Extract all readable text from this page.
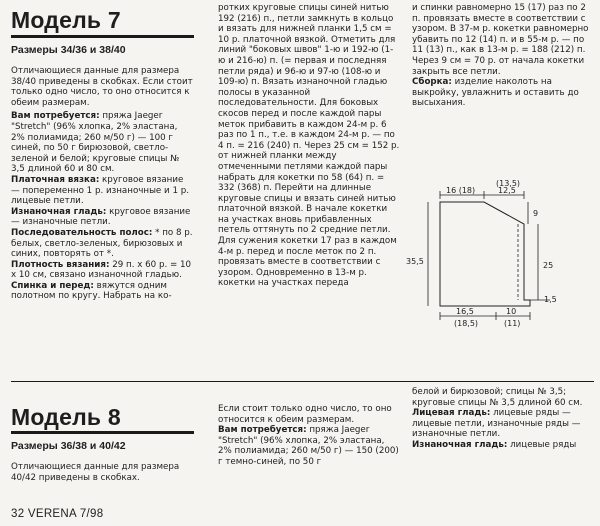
Модель 7
Размеры 34/36 и 38/40

Отличающиеся данные для размера 38/40 приведены в скобках. Если стоит только одно число, то оно относится к обеим размерам.

Вам потребуется: пряжа Jaeger "Stretch" (96% хлопка, 2% эластана, 2% полиамида; 260 м/50 г) — 100 г синей, по 50 г бирюзовой, светло-зеленой и белой; круговые спицы № 3,5 длиной 60 и 80 см.

Платочная вязка: круговое вязание — попеременно 1 р. изнаночные и 1 р. лицевые петли.

Изнаночная гладь: круговое вязание — изнаночные петли.

Последовательность полос: * по 8 р. белых, светло-зеленых, бирюзовых и синих, повторять от *.

Плотность вязания: 29 п. х 60 р. = 10 х 10 см, связано изнаночной гладью.

Спинка и перед: вяжутся одним полотном по кругу. Набрать на ко-

ротких круговые спицы синей нитью 192 (216) п., петли замкнуть в кольцо и вязать для нижней планки 1,5 см = 10 р. платочной вязкой. Отметить для линий "боковых швов" 1-ю и 192-ю (1-ю и 216-ю) п. (= первая и последняя петли ряда) и 96-ю и 97-ю (108-ю и 109-ю) п. Вязать изнаночной гладью полосы в указанной последовательности. Для боковых скосов перед и после каждой пары меток прибавить в каждом 24-м р. 6 раз по 1 п., т.е. в каждом 24-м р. — по 4 п. = 216 (240) п. Через 25 см = 152 р. от нижней планки между отмеченными петлями каждой пары набрать для кокетки по 58 (64) п. = 332 (368) п. Перейти на длинные круговые спицы и вязать синей нитью платочной вязкой. В начале кокетки на участках вновь прибавленных петель оттянуть по 2 средние петли. Для сужения кокетки 17 раз в каждом 4-м р. перед и после меток по 2 п. провязать вместе в соответствии с узором. Одновременно в 13-м р. кокетки на участках переда

и спинки равномерно 15 (17) раз по 2 п. провязать вместе в соответствии с узором. В 37-м р. кокетки равномерно убавить по 12 (14) п. и в 55-м р. — по 11 (13) п., как в 13-м р. = 188 (212) п. Через 9 см = 70 р. от начала кокетки закрыть все петли.

Сборка: изделие наколоть на выкройку, увлажнить и оставить до высыхания.

16 (18)
(13,5)
12,5
9
25
1,5
35,5
16,5
(18,5)
10
(11)
Модель 8
Размеры 36/38 и 40/42

Отличающиеся данные для размера 40/42 приведены в скобках.

Если стоит только одно число, то оно относится к обеим размерам.

Вам потребуется: пряжа Jaeger "Stretch" (96% хлопка, 2% эластана, 2% полиамида; 260 м/50 г) — 150 (200) г темно-синей, по 50 г

белой и бирюзовой; спицы № 3,5; круговые спицы № 3,5 длиной 60 см.

Лицевая гладь: лицевые ряды — лицевые петли, изнаночные ряды — изнаночные петли.

Изнаночная гладь: лицевые ряды

32 VERENA 7/98
